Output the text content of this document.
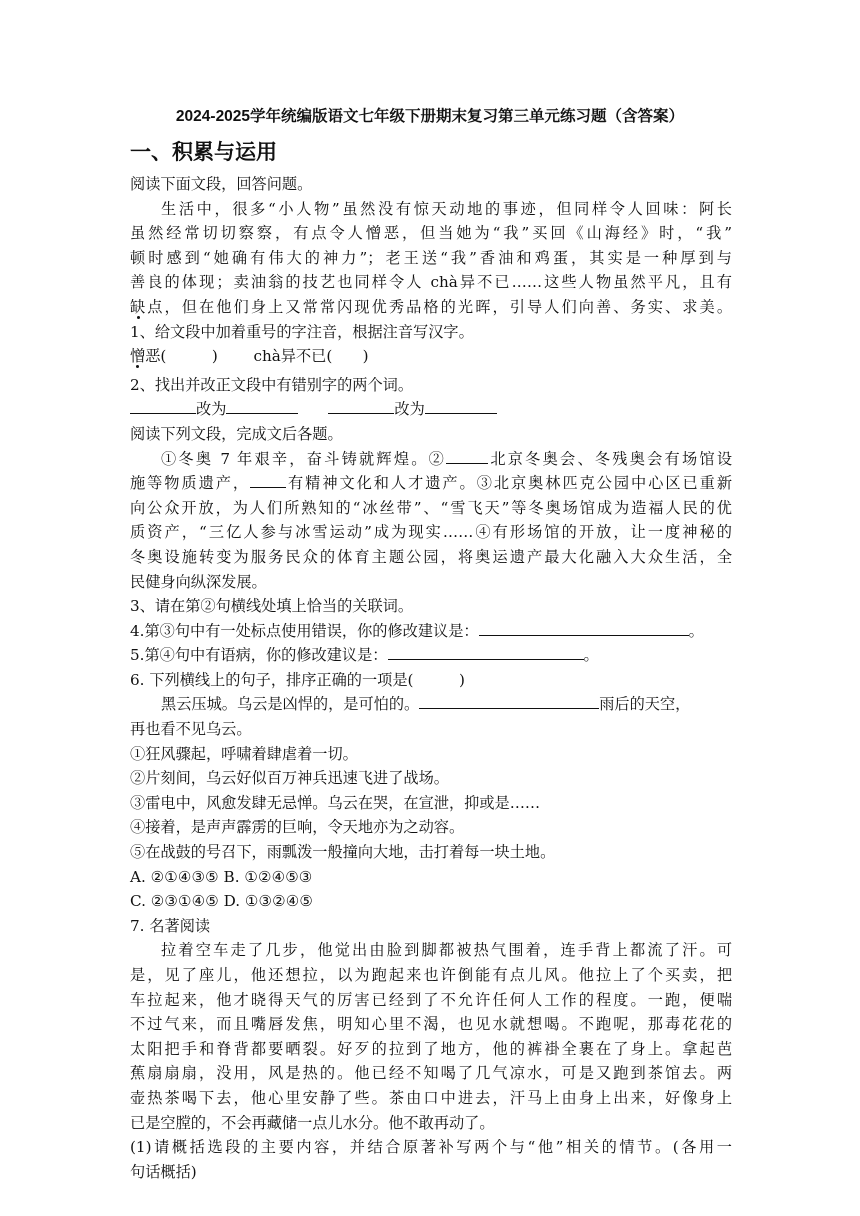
2024-2025学年统编版语文七年级下册期末复习第三单元练习题（含答案）
一、积累与运用

阅读下面文段，回答问题。

生活中，很多“小人物”虽然没有惊天动地的事迹，但同样令人回味：阿长

虽然经常切切察察，有点令人憎恶，但当她为“我”买回《山海经》时，“我”

顿时感到“她确有伟大的神力”；老王送“我”香油和鸡蛋，其实是一种厚到与

善良的体现；卖油翁的技艺也同样令人 chà异不已……这些人物虽然平凡，且有

缺点，但在他们身上又常常闪现优秀品格的光晖，引导人们向善、务实、求美。

1、给文段中加着重号的字注音，根据注音写汉字。

憎恶(　　　) chà异不已(　　)

2、找出并改正文段中有错别字的两个词。

改为	改为

阅读下列文段，完成文后各题。

①冬奥 7 年艰辛，奋斗铸就辉煌。②	北京冬奥会、冬残奥会有场馆设

施等物质遗产， 有精神文化和人才遗产。③北京奥林匹克公园中心区已重新

向公众开放，为人们所熟知的“冰丝带”、“雪飞天”等冬奥场馆成为造福人民的优

质资产，“三亿人参与冰雪运动”成为现实……④有形场馆的开放，让一度神秘的

冬奥设施转变为服务民众的体育主题公园，将奥运遗产最大化融入大众生活，全

民健身向纵深发展。

3、请在第②句横线处填上恰当的关联词。

4.第③句中有一处标点使用错误，你的修改建议是：	。

5.第④句中有语病，你的修改建议是：	。

6. 下列横线上的句子，排序正确的一项是(　　　)

黑云压城。乌云是凶悍的，是可怕的。	雨后的天空，

再也看不见乌云。

①狂风骤起，呼啸着肆虐着一切。

②片刻间，乌云好似百万神兵迅速飞进了战场。

③雷电中，风愈发肆无忌惮。乌云在哭，在宣泄，抑或是……

④接着，是声声霹雳的巨响，令天地亦为之动容。

⑤在战鼓的号召下，雨瓢泼一般撞向大地，击打着每一块土地。

A. ②①④③⑤ B. ①②④⑤③

C. ②③①④⑤ D. ①③②④⑤

7. 名著阅读

拉着空车走了几步，他觉出由脸到脚都被热气围着，连手背上都流了汗。可

是，见了座儿，他还想拉，以为跑起来也许倒能有点儿风。他拉上了个买卖，把

车拉起来，他才晓得天气的厉害已经到了不允许任何人工作的程度。一跑，便喘

不过气来，而且嘴唇发焦，明知心里不渴，也见水就想喝。不跑呢，那毒花花的

太阳把手和脊背都要晒裂。好歹的拉到了地方，他的裤褂全裹在了身上。拿起芭

蕉扇扇扇，没用，风是热的。他已经不知喝了几气凉水，可是又跑到茶馆去。两

壶热茶喝下去，他心里安静了些。茶由口中进去，汗马上由身上出来，好像身上

已是空膛的，不会再藏储一点儿水分。他不敢再动了。

(1)请概括选段的主要内容，并结合原著补写两个与“他”相关的情节。(各用一

句话概括)
